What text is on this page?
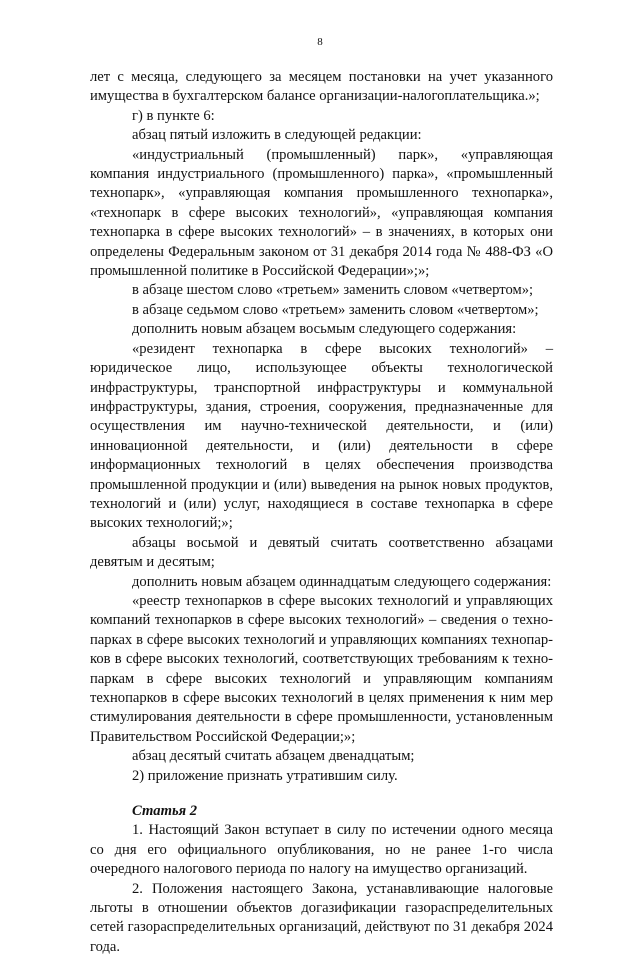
8

лет с месяца, следующего за месяцем постановки на учет указанного имущества в бухгалтерском балансе организации-налогоплательщика.»;

г) в пункте 6:

абзац пятый изложить в следующей редакции:

«индустриальный (промышленный) парк», «управляющая компания индустриального (промышленного) парка», «промышленный технопарк», «управляющая компания промышленного технопарка», «технопарк в сфере высоких технологий», «управляющая компания технопарка в сфере высоких технологий» – в значениях, в которых они определены Федеральным законом от 31 декабря 2014 года № 488-ФЗ «О промышленной политике в Российской Федерации»;»;

в абзаце шестом слово «третьем» заменить словом «четвертом»;

в абзаце седьмом слово «третьем» заменить словом «четвертом»;

дополнить новым абзацем восьмым следующего содержания:

«резидент технопарка в сфере высоких технологий» – юридическое лицо, использующее объекты технологической инфраструктуры, транспортной инфраструктуры и коммунальной инфраструктуры, здания, строения, сооружения, предназначенные для осуществления им научно-технической деятельности, и (или) инновационной деятельности, и (или) деятельности в сфере информационных технологий в целях обеспечения производства промышленной продукции и (или) выведения на рынок новых продуктов, технологий и (или) услуг, находящиеся в составе технопарка в сфере высоких технологий;»;

абзацы восьмой и девятый считать соответственно абзацами девятым и десятым;

дополнить новым абзацем одиннадцатым следующего содержания:

«реестр технопарков в сфере высоких технологий и управляющих компаний технопарков в сфере высоких технологий» – сведения о технопарках в сфере высоких технологий и управляющих компаниях технопарков в сфере высоких технологий, соответствующих требованиям к технопаркам в сфере высоких технологий и управляющим компаниям технопарков в сфере высоких технологий в целях применения к ним мер стимулирования деятельности в сфере промышленности, установленным Правительством Российской Федерации;»;

абзац десятый считать абзацем двенадцатым;

2) приложение признать утратившим силу.

Статья 2

1. Настоящий Закон вступает в силу по истечении одного месяца со дня его официального опубликования, но не ранее 1-го числа очередного налогового периода по налогу на имущество организаций.

2. Положения настоящего Закона, устанавливающие налоговые льготы в отношении объектов догазификации газораспределительных сетей газораспределительных организаций, действуют по 31 декабря 2024 года.
